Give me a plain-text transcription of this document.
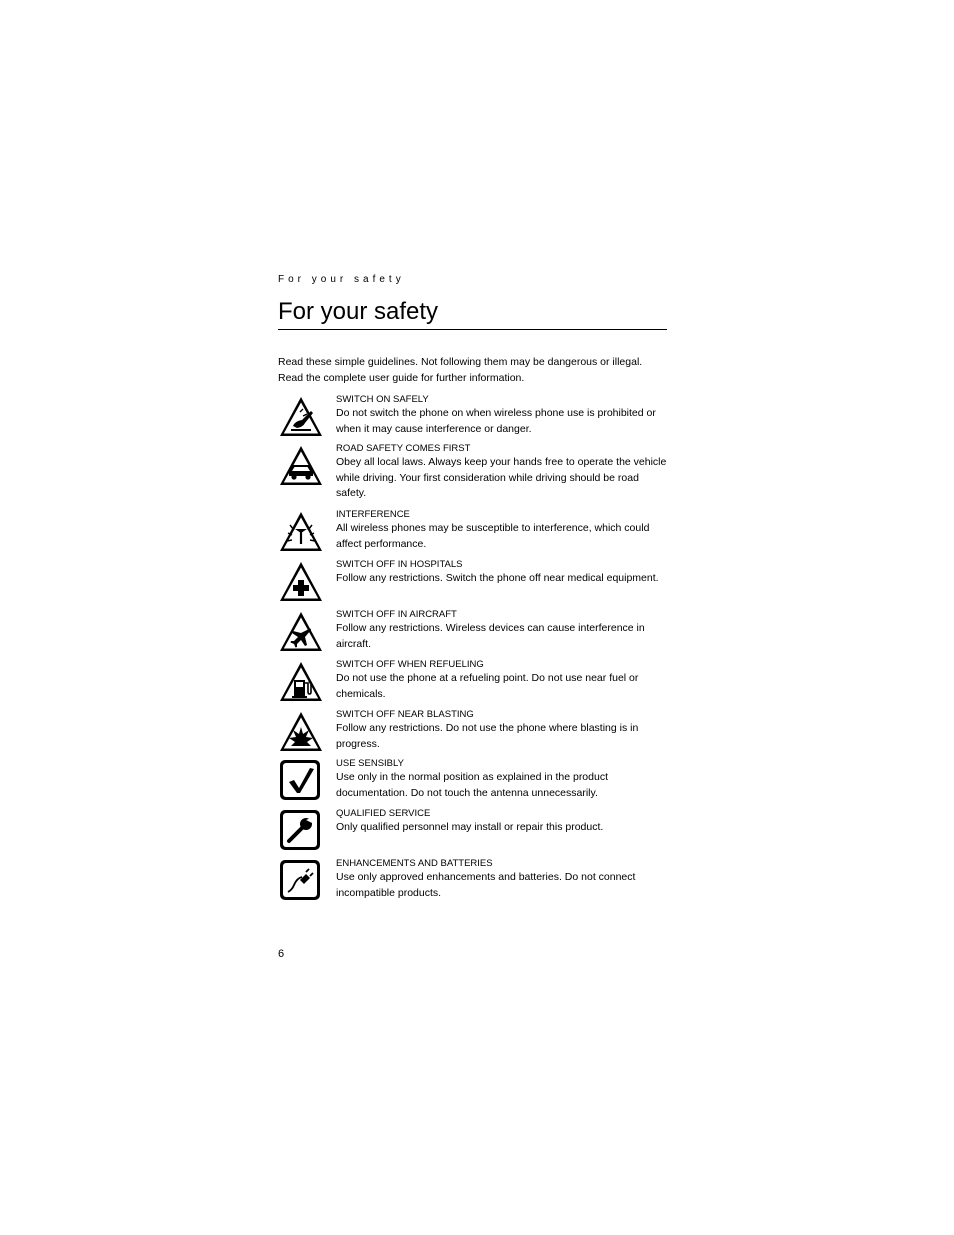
For your safety
For your safety

Read these simple guidelines. Not following them may be dangerous or illegal.

Read the complete user guide for further information.

SWITCH ON SAFELY
Do not switch the phone on when wireless phone use is prohibited or when it may cause interference or danger.
ROAD SAFETY COMES FIRST
Obey all local laws. Always keep your hands free to operate the vehicle while driving. Your first consideration while driving should be road safety.
INTERFERENCE
All wireless phones may be susceptible to interference, which could affect performance.
SWITCH OFF IN HOSPITALS
Follow any restrictions. Switch the phone off near medical equipment.
SWITCH OFF IN AIRCRAFT
Follow any restrictions. Wireless devices can cause interference in aircraft.
SWITCH OFF WHEN REFUELING
Do not use the phone at a refueling point. Do not use near fuel or chemicals.
SWITCH OFF NEAR BLASTING
Follow any restrictions. Do not use the phone where blasting is in progress.
USE SENSIBLY
Use only in the normal position as explained in the product documentation. Do not touch the antenna unnecessarily.
QUALIFIED SERVICE
Only qualified personnel may install or repair this product.
ENHANCEMENTS AND BATTERIES
Use only approved enhancements and batteries. Do not connect incompatible products.
6
